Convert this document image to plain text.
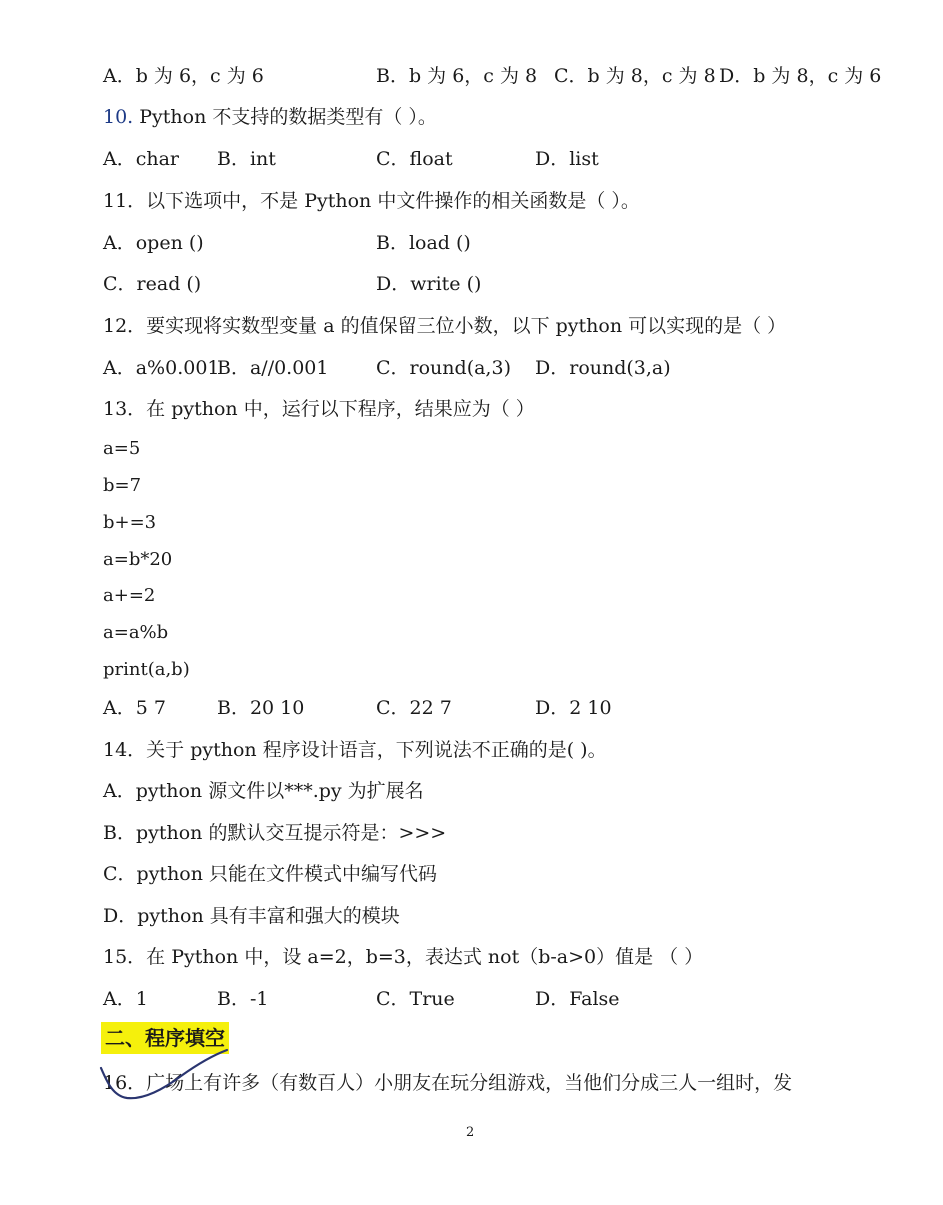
A．b 为 6，c 为 6	B．b 为 6，c 为 8 C．b 为 8，c 为 8 D．b 为 8，c 为 6
10. Python 不支持的数据类型有（ ）。
A．char B．int	C．float	D．list
11．以下选项中，不是 Python 中文件操作的相关函数是（ ）。
A．open ()	B．load ()
C．read ()	D．write ()
12．要实现将实数型变量 a 的值保留三位小数，以下 python 可以实现的是（ ）
A．a%0.001
B．a//0.001	C．round(a,3) D．round(3,a)
13．在 python 中，运行以下程序，结果应为（ ）
a=5
b=7
b+=3
a=b*20
a+=2
a=a%b
print(a,b)
A．5 7	B．20 10	C．22 7	D．2 10
14．关于 python 程序设计语言，下列说法不正确的是( )。
A．python 源文件以***.py 为扩展名
B．python 的默认交互提示符是：>>>
C．python 只能在文件模式中编写代码
D．python 具有丰富和强大的模块
15．在 Python 中，设 a=2，b=3，表达式 not（b-a>0）值是 （ ）
A．1	B．-1	C．True	D．False
二、程序填空
16．广场上有许多（有数百人）小朋友在玩分组游戏，当他们分成三人一组时，发
2
